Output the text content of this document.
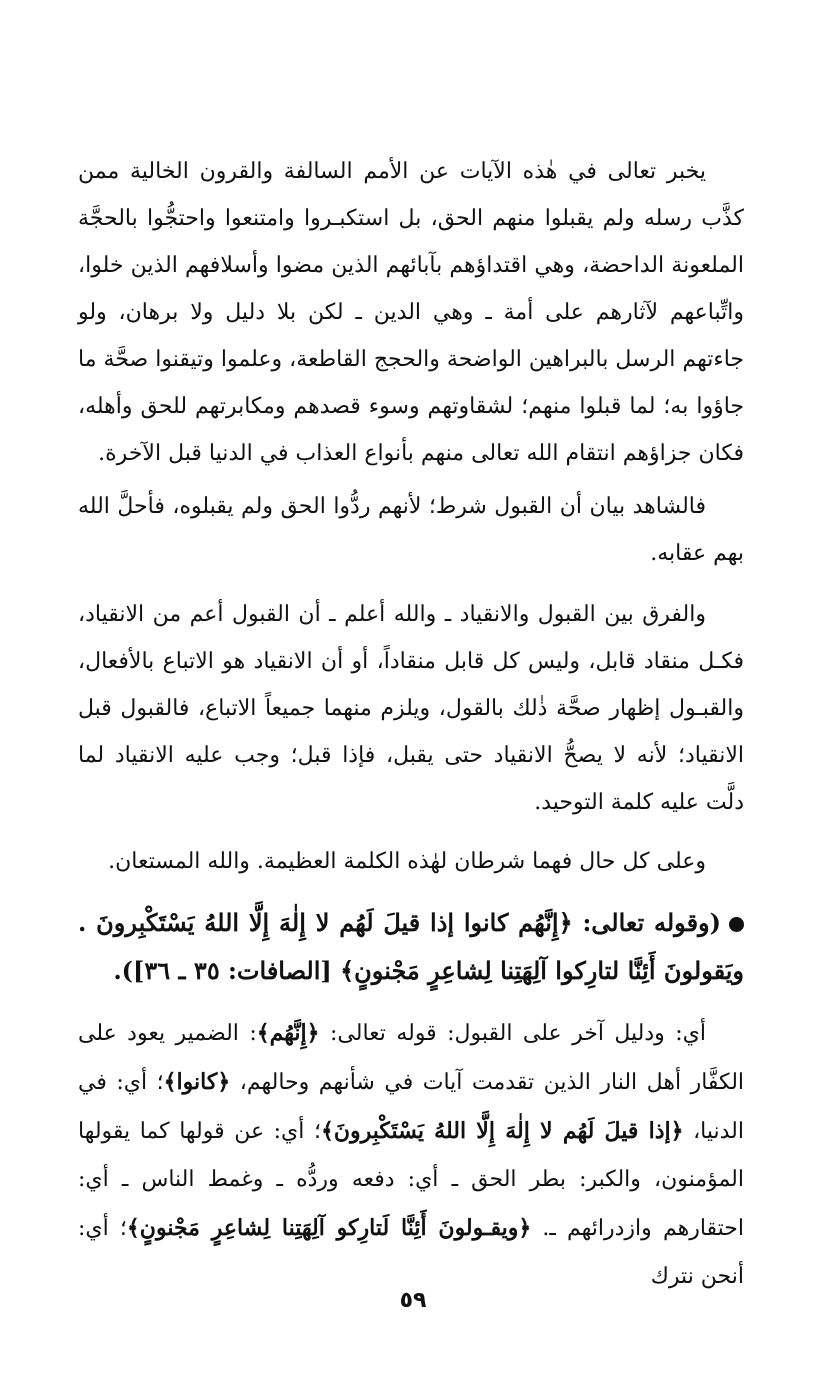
يخبر تعالى في هٰذه الآيات عن الأمم السالفة والقرون الخالية ممن كذَّب رسله ولم يقبلوا منهم الحق، بل استكبـروا وامتنعوا واحتجُّوا بالحجَّة الملعونة الداحضة، وهي اقتداؤهم بآبائهم الذين مضوا وأسلافهم الذين خلوا، واتِّباعهم لآثارهم على أمة ـ وهي الدين ـ لكن بلا دليل ولا برهان، ولو جاءتهم الرسل بالبراهين الواضحة والحجج القاطعة، وعلموا وتيقنوا صحَّة ما جاؤوا به؛ لما قبلوا منهم؛ لشقاوتهم وسوء قصدهم ومكابرتهم للحق وأهله، فكان جزاؤهم انتقام الله تعالى منهم بأنواع العذاب في الدنيا قبل الآخرة.

فالشاهد بيان أن القبول شرط؛ لأنهم ردُّوا الحق ولم يقبلوه، فأحلَّ الله بهم عقابه.

والفرق بين القبول والانقياد ـ والله أعلم ـ أن القبول أعم من الانقياد، فكـل منقاد قابل، وليس كل قابل منقاداً، أو أن الانقياد هو الاتباع بالأفعال، والقبـول إظهار صحَّة ذٰلك بالقول، ويلزم منهما جميعاً الاتباع، فالقبول قبل الانقياد؛ لأنه لا يصحُّ الانقياد حتى يقبل، فإذا قبل؛ وجب عليه الانقياد لما دلَّت عليه كلمة التوحيد.

وعلى كل حال فهما شرطان لهٰذه الكلمة العظيمة. والله المستعان.

(وقوله تعالى: ﴿إِنَّهُم كانوا إذا قيلَ لَهُم لا إِلٰهَ إِلَّا اللهُ يَسْتَكْبِرونَ . ويَقولونَ أَئِنَّا لتارِكوا آلِهَتِنا لِشاعِرٍ مَجْنونٍ﴾ [الصافات: ٣٥ ـ ٣٦]).

أي: ودليل آخر على القبول: قوله تعالى: ﴿إِنَّهُم﴾: الضمير يعود على الكفَّار أهل النار الذين تقدمت آيات في شأنهم وحالهم، ﴿كانوا﴾؛ أي: في الدنيا، ﴿إذا قيلَ لَهُم لا إِلٰهَ إِلَّا اللهُ يَسْتَكْبِرونَ﴾؛ أي: عن قولها كما يقولها المؤمنون، والكبر: بطر الحق ـ أي: دفعه وردُّه ـ وغمط الناس ـ أي: احتقارهم وازدرائهم ـ. ﴿ويقـولونَ أَئِنَّا لَتارِكو آلِهَتِنا لِشاعِرٍ مَجْنونٍ﴾؛ أي: أنحن نترك

٥٩
